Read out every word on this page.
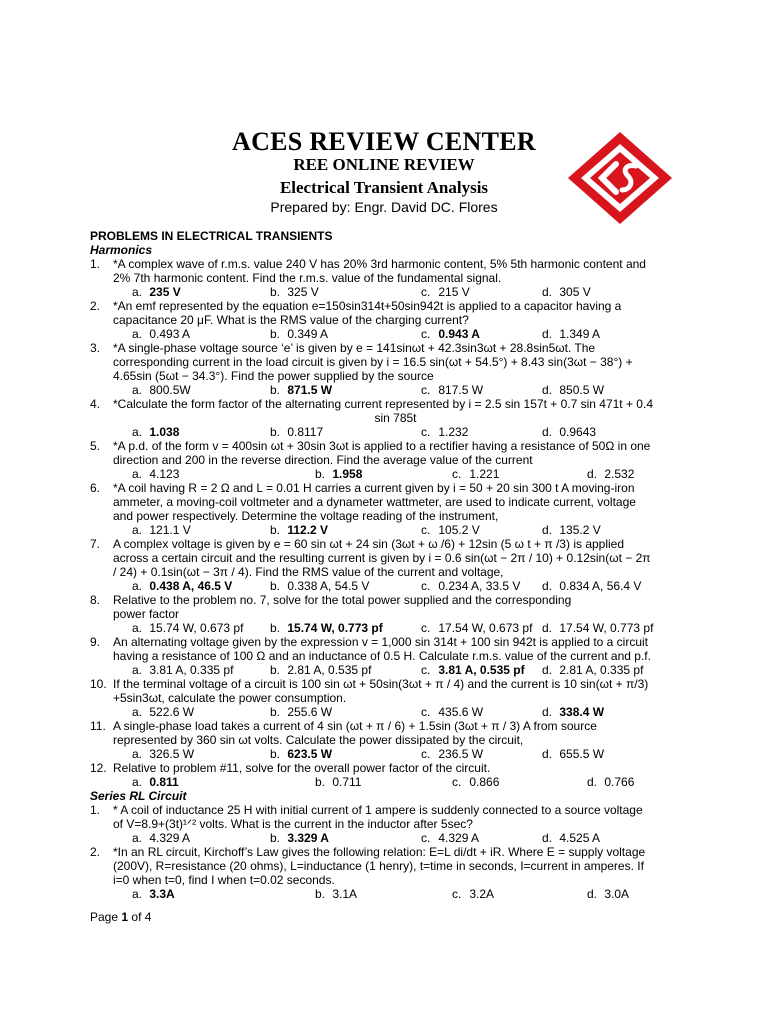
ACES REVIEW CENTER
REE ONLINE REVIEW
Electrical Transient Analysis
Prepared by: Engr. David DC. Flores
PROBLEMS IN ELECTRICAL TRANSIENTS
Harmonics
1. *A complex wave of r.m.s. value 240 V has 20% 3rd harmonic content, 5% 5th harmonic content and
2% 7th harmonic content. Find the r.m.s. value of the fundamental signal.
a. 235 V	b. 325 V	c. 215 V	d. 305 V
2. *An emf represented by the equation e=150sin314t+50sin942t is applied to a capacitor having a
capacitance 20 μF. What is the RMS value of the charging current?
a. 0.493 A	b. 0.349 A	c. 0.943 A	d. 1.349 A
3. *A single-phase voltage source ‘e’ is given by e = 141sinωt + 42.3sin3ωt + 28.8sin5ωt. The
corresponding current in the load circuit is given by i = 16.5 sin(ωt + 54.5°) + 8.43 sin(3ωt − 38°) +
4.65sin (5ωt − 34.3°). Find the power supplied by the source
a. 800.5W	b. 871.5 W	c. 817.5 W	d. 850.5 W
4. *Calculate the form factor of the alternating current represented by i = 2.5 sin 157t + 0.7 sin 471t + 0.4
sin 785t
a. 1.038	b. 0.8117	c. 1.232	d. 0.9643
5. *A p.d. of the form v = 400sin ωt + 30sin 3ωt is applied to a rectifier having a resistance of 50Ω in one
direction and 200 in the reverse direction. Find the average value of the current
a. 4.123	b. 1.958	c. 1.221	d. 2.532
6. *A coil having R = 2 Ω and L = 0.01 H carries a current given by i = 50 + 20 sin 300 t A moving-iron
ammeter, a moving-coil voltmeter and a dynameter wattmeter, are used to indicate current, voltage
and power respectively. Determine the voltage reading of the instrument,
a. 121.1 V	b. 112.2 V	c. 105.2 V	d. 135.2 V
7. A complex voltage is given by e = 60 sin ωt + 24 sin (3ωt + ω /6) + 12sin (5 ω t + π /3) is applied
across a certain circuit and the resulting current is given by i = 0.6 sin(ωt − 2π / 10) + 0.12sin(ωt − 2π
/ 24) + 0.1sin(ωt − 3π / 4). Find the RMS value of the current and voltage,
a. 0.438 A, 46.5 V	b. 0.338 A, 54.5 V	c. 0.234 A, 33.5 V d. 0.834 A, 56.4 V
8. Relative to the problem no. 7, solve for the total power supplied and the corresponding
power factor
a. 15.74 W, 0.673 pf b. 15.74 W, 0.773 pf	c. 17.54 W, 0.673 pf d. 17.54 W, 0.773 pf
9. An alternating voltage given by the expression v = 1,000 sin 314t + 100 sin 942t is applied to a circuit
having a resistance of 100 Ω and an inductance of 0.5 H. Calculate r.m.s. value of the current and p.f.
a. 3.81 A, 0.335 pf	b. 2.81 A, 0.535 pf	c. 3.81 A, 0.535 pf d. 2.81 A, 0.335 pf
10. If the terminal voltage of a circuit is 100 sin ωt + 50sin(3ωt + π / 4) and the current is 10 sin(ωt + π/3)
+5sin3ωt, calculate the power consumption.
a. 522.6 W	b. 255.6 W	c. 435.6 W	d. 338.4 W
11. A single-phase load takes a current of 4 sin (ωt + π / 6) + 1.5sin (3ωt + π / 3) A from source
represented by 360 sin ωt volts. Calculate the power dissipated by the circuit,
a. 326.5 W	b. 623.5 W	c. 236.5 W	d. 655.5 W
12. Relative to problem #11, solve for the overall power factor of the circuit.
a. 0.811	b. 0.711	c. 0.866	d. 0.766
Series RL Circuit
1. * A coil of inductance 25 H with initial current of 1 ampere is suddenly connected to a source voltage
of V=8.9+(3t)¹ᐟ² volts. What is the current in the inductor after 5sec?
a. 4.329 A	b. 3.329 A	c. 4.329 A	d. 4.525 A
2. *In an RL circuit, Kirchoff’s Law gives the following relation: E=L di/dt + iR. Where E = supply voltage
(200V), R=resistance (20 ohms), L=inductance (1 henry), t=time in seconds, I=current in amperes. If
i=0 when t=0, find I when t=0.02 seconds.
a. 3.3A	b. 3.1A	c. 3.2A	d. 3.0A
Page 1 of 4
